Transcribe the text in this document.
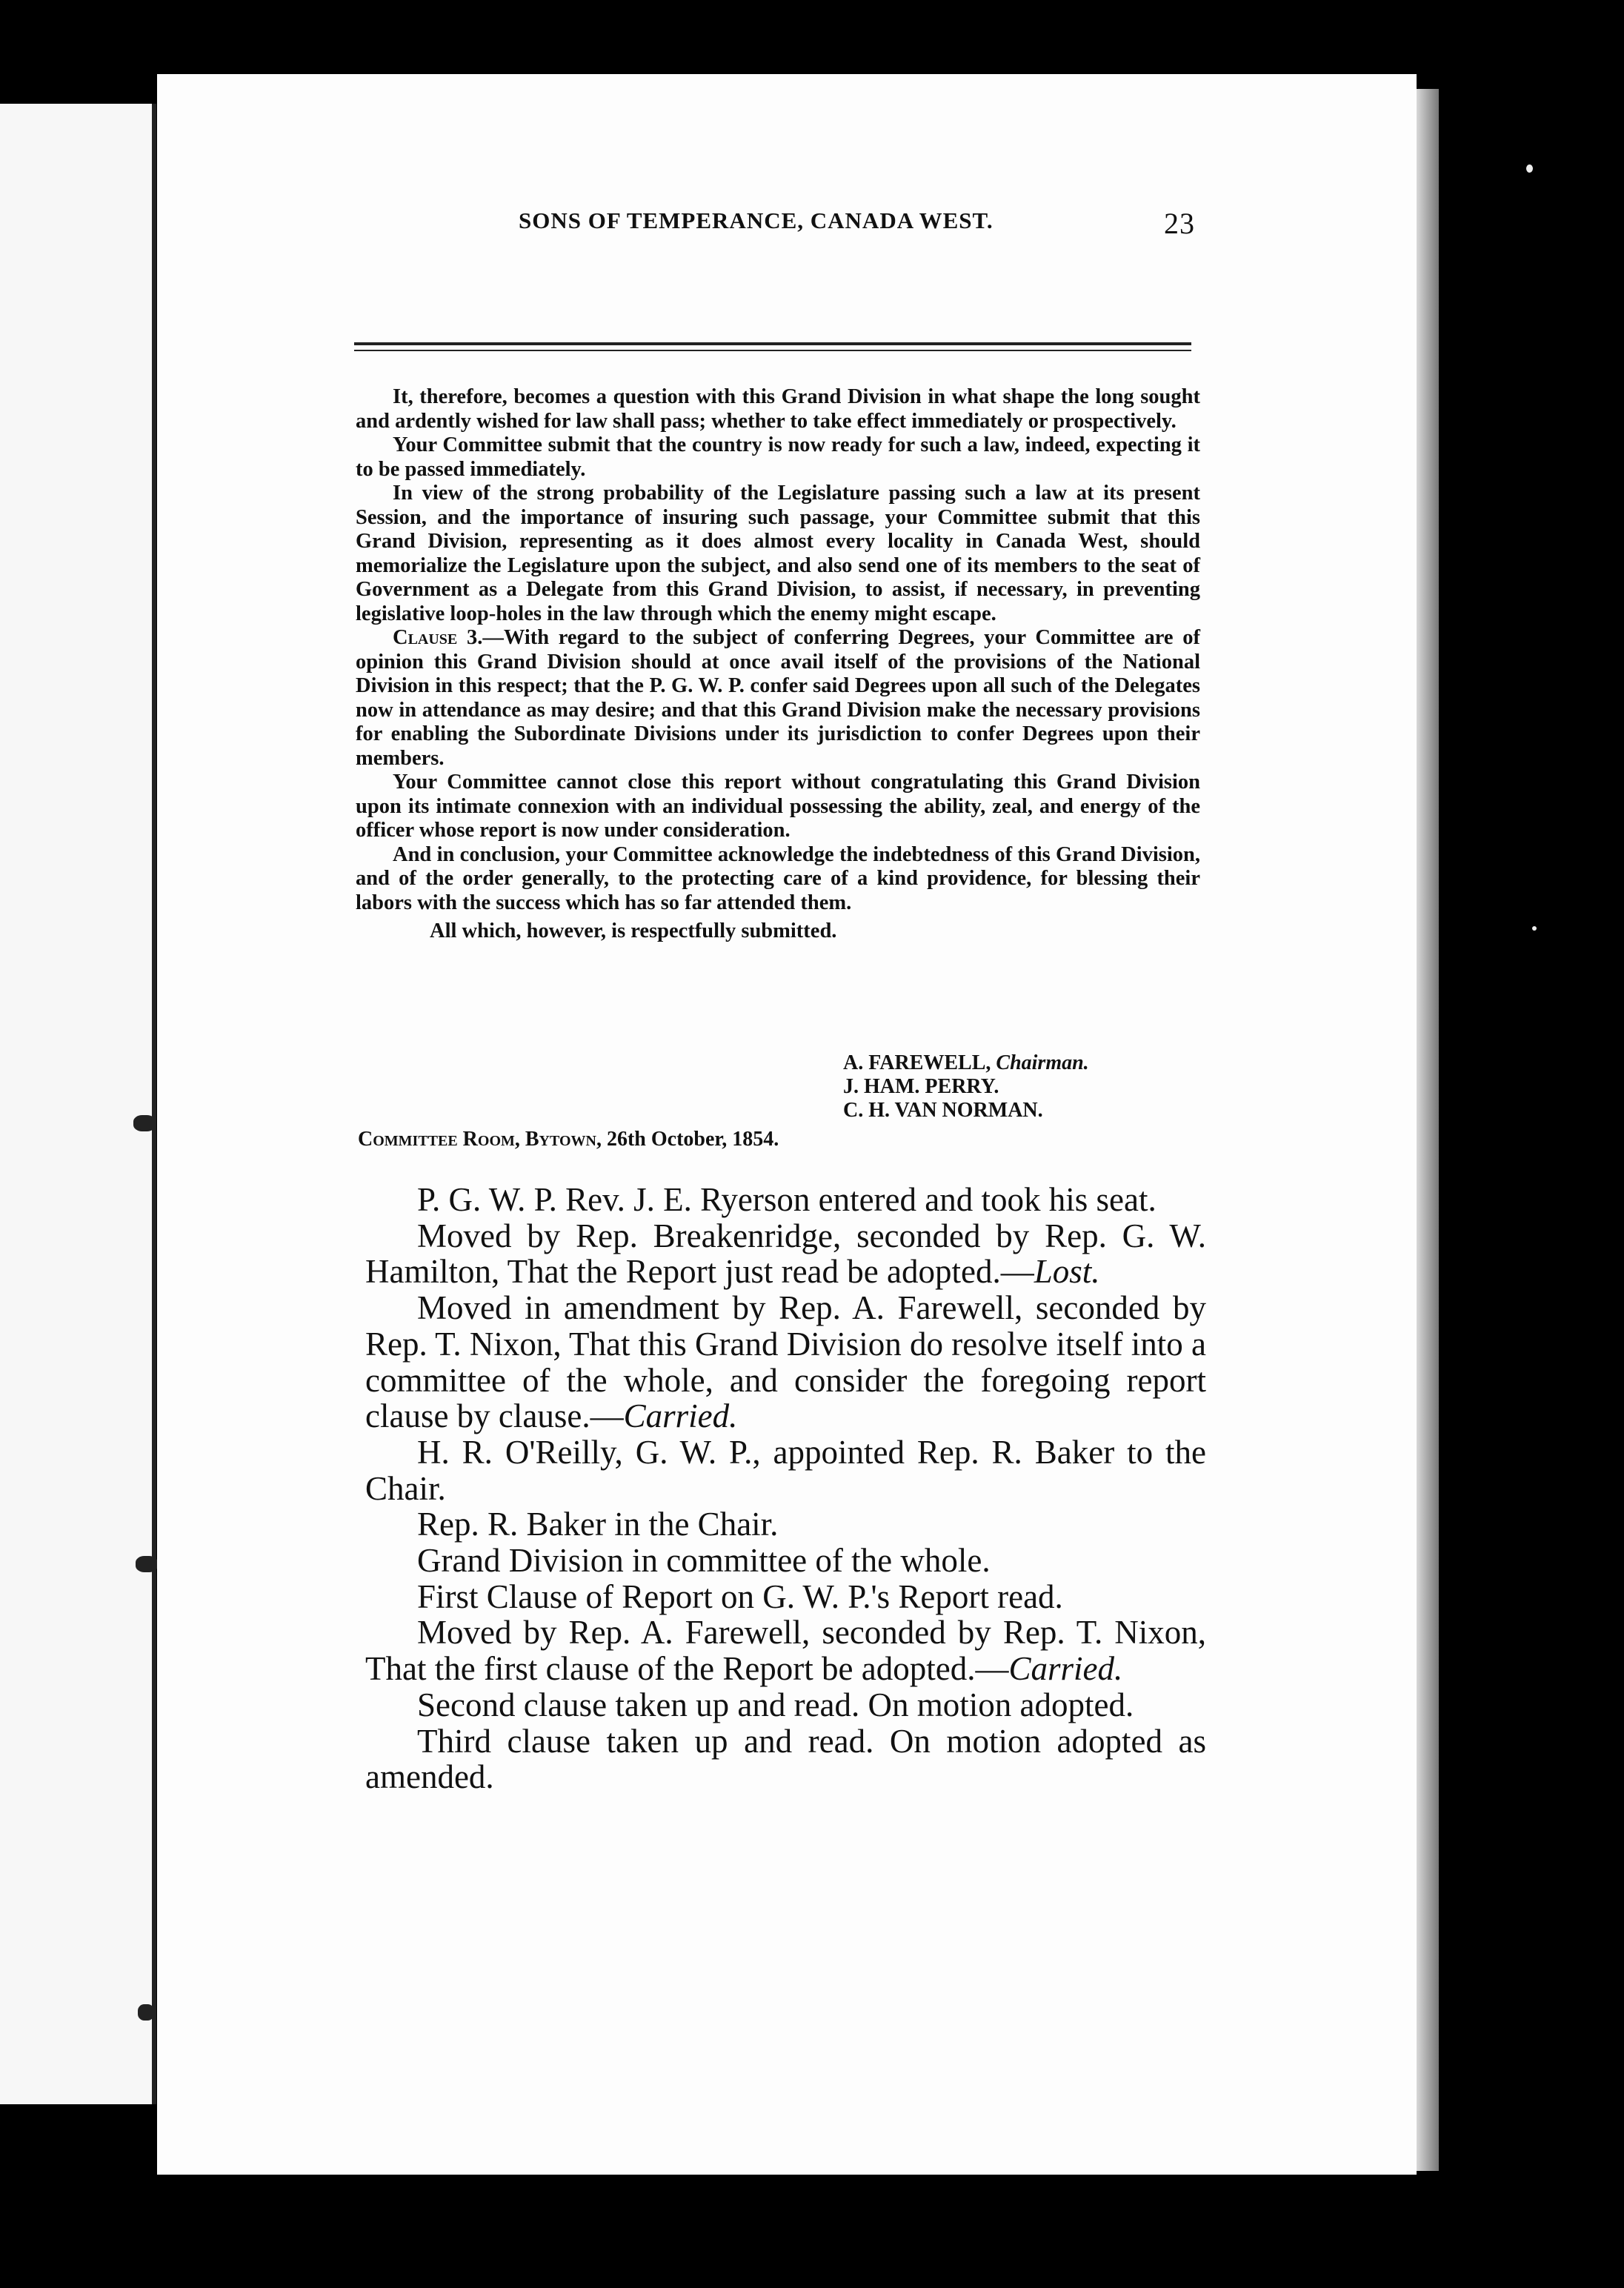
SONS OF TEMPERANCE, CANADA WEST.	23

It, therefore, becomes a question with this Grand Division in what shape the long sought and ardently wished for law shall pass; whether to take effect immediately or prospectively.

Your Committee submit that the country is now ready for such a law, indeed, expecting it to be passed immediately.

In view of the strong probability of the Legislature passing such a law at its present Session, and the importance of insuring such passage, your Committee submit that this Grand Division, representing as it does almost every locality in Canada West, should memorialize the Legislature upon the subject, and also send one of its members to the seat of Government as a Delegate from this Grand Division, to assist, if necessary, in preventing legislative loop-holes in the law through which the enemy might escape.

Clause 3.—With regard to the subject of conferring Degrees, your Committee are of opinion this Grand Division should at once avail itself of the provisions of the National Division in this respect; that the P. G. W. P. confer said Degrees upon all such of the Delegates now in attendance as may desire; and that this Grand Division make the necessary provisions for enabling the Subordinate Divisions under its jurisdiction to confer Degrees upon their members.

Your Committee cannot close this report without congratulating this Grand Division upon its intimate connexion with an individual possessing the ability, zeal, and energy of the officer whose report is now under consideration.

And in conclusion, your Committee acknowledge the indebtedness of this Grand Division, and of the order generally, to the protecting care of a kind providence, for blessing their labors with the success which has so far attended them.

All which, however, is respectfully submitted.

A. FAREWELL, Chairman.
J. HAM. PERRY.
C. H. VAN NORMAN.
Committee Room, Bytown, 26th October, 1854.

P. G. W. P. Rev. J. E. Ryerson entered and took his seat.

Moved by Rep. Breakenridge, seconded by Rep. G. W. Hamilton, That the Report just read be adopted.—Lost.

Moved in amendment by Rep. A. Farewell, seconded by Rep. T. Nixon, That this Grand Division do resolve itself into a committee of the whole, and consider the foregoing report clause by clause.—Carried.

H. R. O'Reilly, G. W. P., appointed Rep. R. Baker to the Chair.

Rep. R. Baker in the Chair.

Grand Division in committee of the whole.

First Clause of Report on G. W. P.'s Report read.

Moved by Rep. A. Farewell, seconded by Rep. T. Nixon, That the first clause of the Report be adopted.—Carried.

Second clause taken up and read. On motion adopted.

Third clause taken up and read. On motion adopted as amended.
